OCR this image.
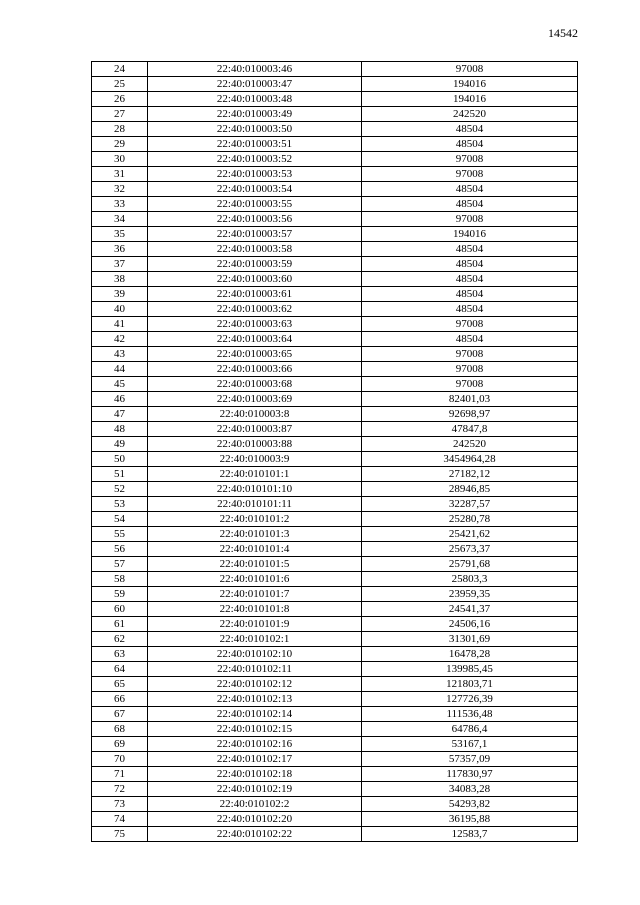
14542
24	22:40:010003:46	97008
25	22:40:010003:47	194016
26	22:40:010003:48	194016
27	22:40:010003:49	242520
28	22:40:010003:50	48504
29	22:40:010003:51	48504
30	22:40:010003:52	97008
31	22:40:010003:53	97008
32	22:40:010003:54	48504
33	22:40:010003:55	48504
34	22:40:010003:56	97008
35	22:40:010003:57	194016
36	22:40:010003:58	48504
37	22:40:010003:59	48504
38	22:40:010003:60	48504
39	22:40:010003:61	48504
40	22:40:010003:62	48504
41	22:40:010003:63	97008
42	22:40:010003:64	48504
43	22:40:010003:65	97008
44	22:40:010003:66	97008
45	22:40:010003:68	97008
46	22:40:010003:69	82401,03
47	22:40:010003:8	92698,97
48	22:40:010003:87	47847,8
49	22:40:010003:88	242520
50	22:40:010003:9	3454964,28
51	22:40:010101:1	27182,12
52	22:40:010101:10	28946,85
53	22:40:010101:11	32287,57
54	22:40:010101:2	25280,78
55	22:40:010101:3	25421,62
56	22:40:010101:4	25673,37
57	22:40:010101:5	25791,68
58	22:40:010101:6	25803,3
59	22:40:010101:7	23959,35
60	22:40:010101:8	24541,37
61	22:40:010101:9	24506,16
62	22:40:010102:1	31301,69
63	22:40:010102:10	16478,28
64	22:40:010102:11	139985,45
65	22:40:010102:12	121803,71
66	22:40:010102:13	127726,39
67	22:40:010102:14	111536,48
68	22:40:010102:15	64786,4
69	22:40:010102:16	53167,1
70	22:40:010102:17	57357,09
71	22:40:010102:18	117830,97
72	22:40:010102:19	34083,28
73	22:40:010102:2	54293,82
74	22:40:010102:20	36195,88
75	22:40:010102:22	12583,7
